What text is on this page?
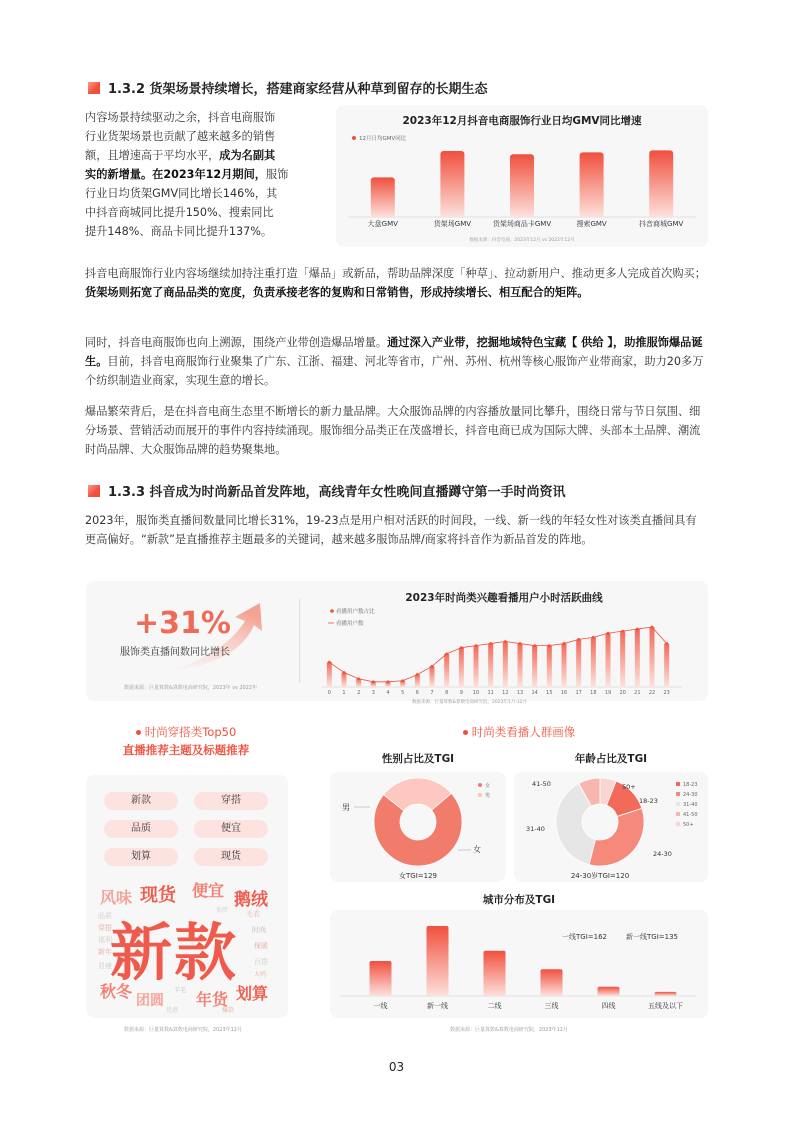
1.3.2 货架场景持续增长，搭建商家经营从种草到留存的长期生态
内容场景持续驱动之余，抖音电商服饰
行业货架场景也贡献了越来越多的销售
额，且增速高于平均水平，成为名副其
实的新增量。在2023年12月期间，服饰
行业日均货架GMV同比增长146%，其
中抖音商城同比提升150%、搜索同比
提升148%、商品卡同比提升137%。
2023年12月抖音电商服饰行业日均GMV同比增速
12月日均GMV同比
大盘GMV	货架场GMV	货架场商品卡GMV	搜索GMV	抖音商城GMV
数据来源：抖音电商，2023年12月 vs 2022年12月
抖音电商服饰行业内容场继续加持注重打造「爆品」或新品，帮助品牌深度「种草」、拉动新用户、推动更多人完成首次购买；货架场则拓宽了商品品类的宽度，负责承接老客的复购和日常销售，形成持续增长、相互配合的矩阵。
同时，抖音电商服饰也向上溯源，围绕产业带创造爆品增量。通过深入产业带，挖掘地域特色宝藏【 供给 】，助推服饰爆品诞生。目前，抖音电商服饰行业聚集了广东、江浙、福建、河北等省市，广州、苏州、杭州等核心服饰产业带商家，助力20多万个纺织制造业商家，实现生意的增长。
爆品繁荣背后，是在抖音电商生态里不断增长的新力量品牌。大众服饰品牌的内容播放量同比攀升，围绕日常与节日氛围、细分场景、营销活动而展开的事件内容持续涌现。服饰细分品类正在茂盛增长，抖音电商已成为国际大牌、头部本土品牌、潮流时尚品牌、大众服饰品牌的趋势聚集地。
1.3.3 抖音成为时尚新品首发阵地，高线青年女性晚间直播蹲守第一手时尚资讯
2023年，服饰类直播间数量同比增长31%，19-23点是用户相对活跃的时间段，一线、新一线的年轻女性对该类直播间具有更高偏好。“新款”是直播推荐主题最多的关键词，越来越多服饰品牌/商家将抖音作为新品首发的阵地。
+31%
服饰类直播间数同比增长
数据来源：巨量算数&算数电商研究院，2023年 vs 2022年
2023年时尚类兴趣看播用户小时活跃曲线
看播用户数占比
看播用户数
0 1 2 3 4 5 6 7 8 9 10 11 12 13 14 15 16 17 18 19 20 21 22 23
数据来源：巨量算数&算数电商研究院，2023年1月-12月
时尚穿搭类Top50
直播推荐主题及标题推荐
新款	穿搭
品质	便宜
划算	现货
风味 现货 便宜 鹅绒
新款
年货
秋冬 团圆	划算
羊毛
毛衣
时尚
保暖
品质
穿搭
福利
新年
显瘦	百搭
加厚
大码
优惠	爆款
数据来源：巨量算数&算数电商研究院，2023年12月
时尚类看播人群画像
性别占比及TGI
女
男
男
女
女TGI=129
年龄占比及TGI
18-23
24-30
31-40
41-50
50+
41-50	50+
18-23
24-30
31-40
24-30岁TGI=120
城市分布及TGI
一线	新一线	二线	三线	四线	五线及以下
一线TGI=162	新一线TGI=135
数据来源：巨量算数&算数电商研究院，2023年12月
03
